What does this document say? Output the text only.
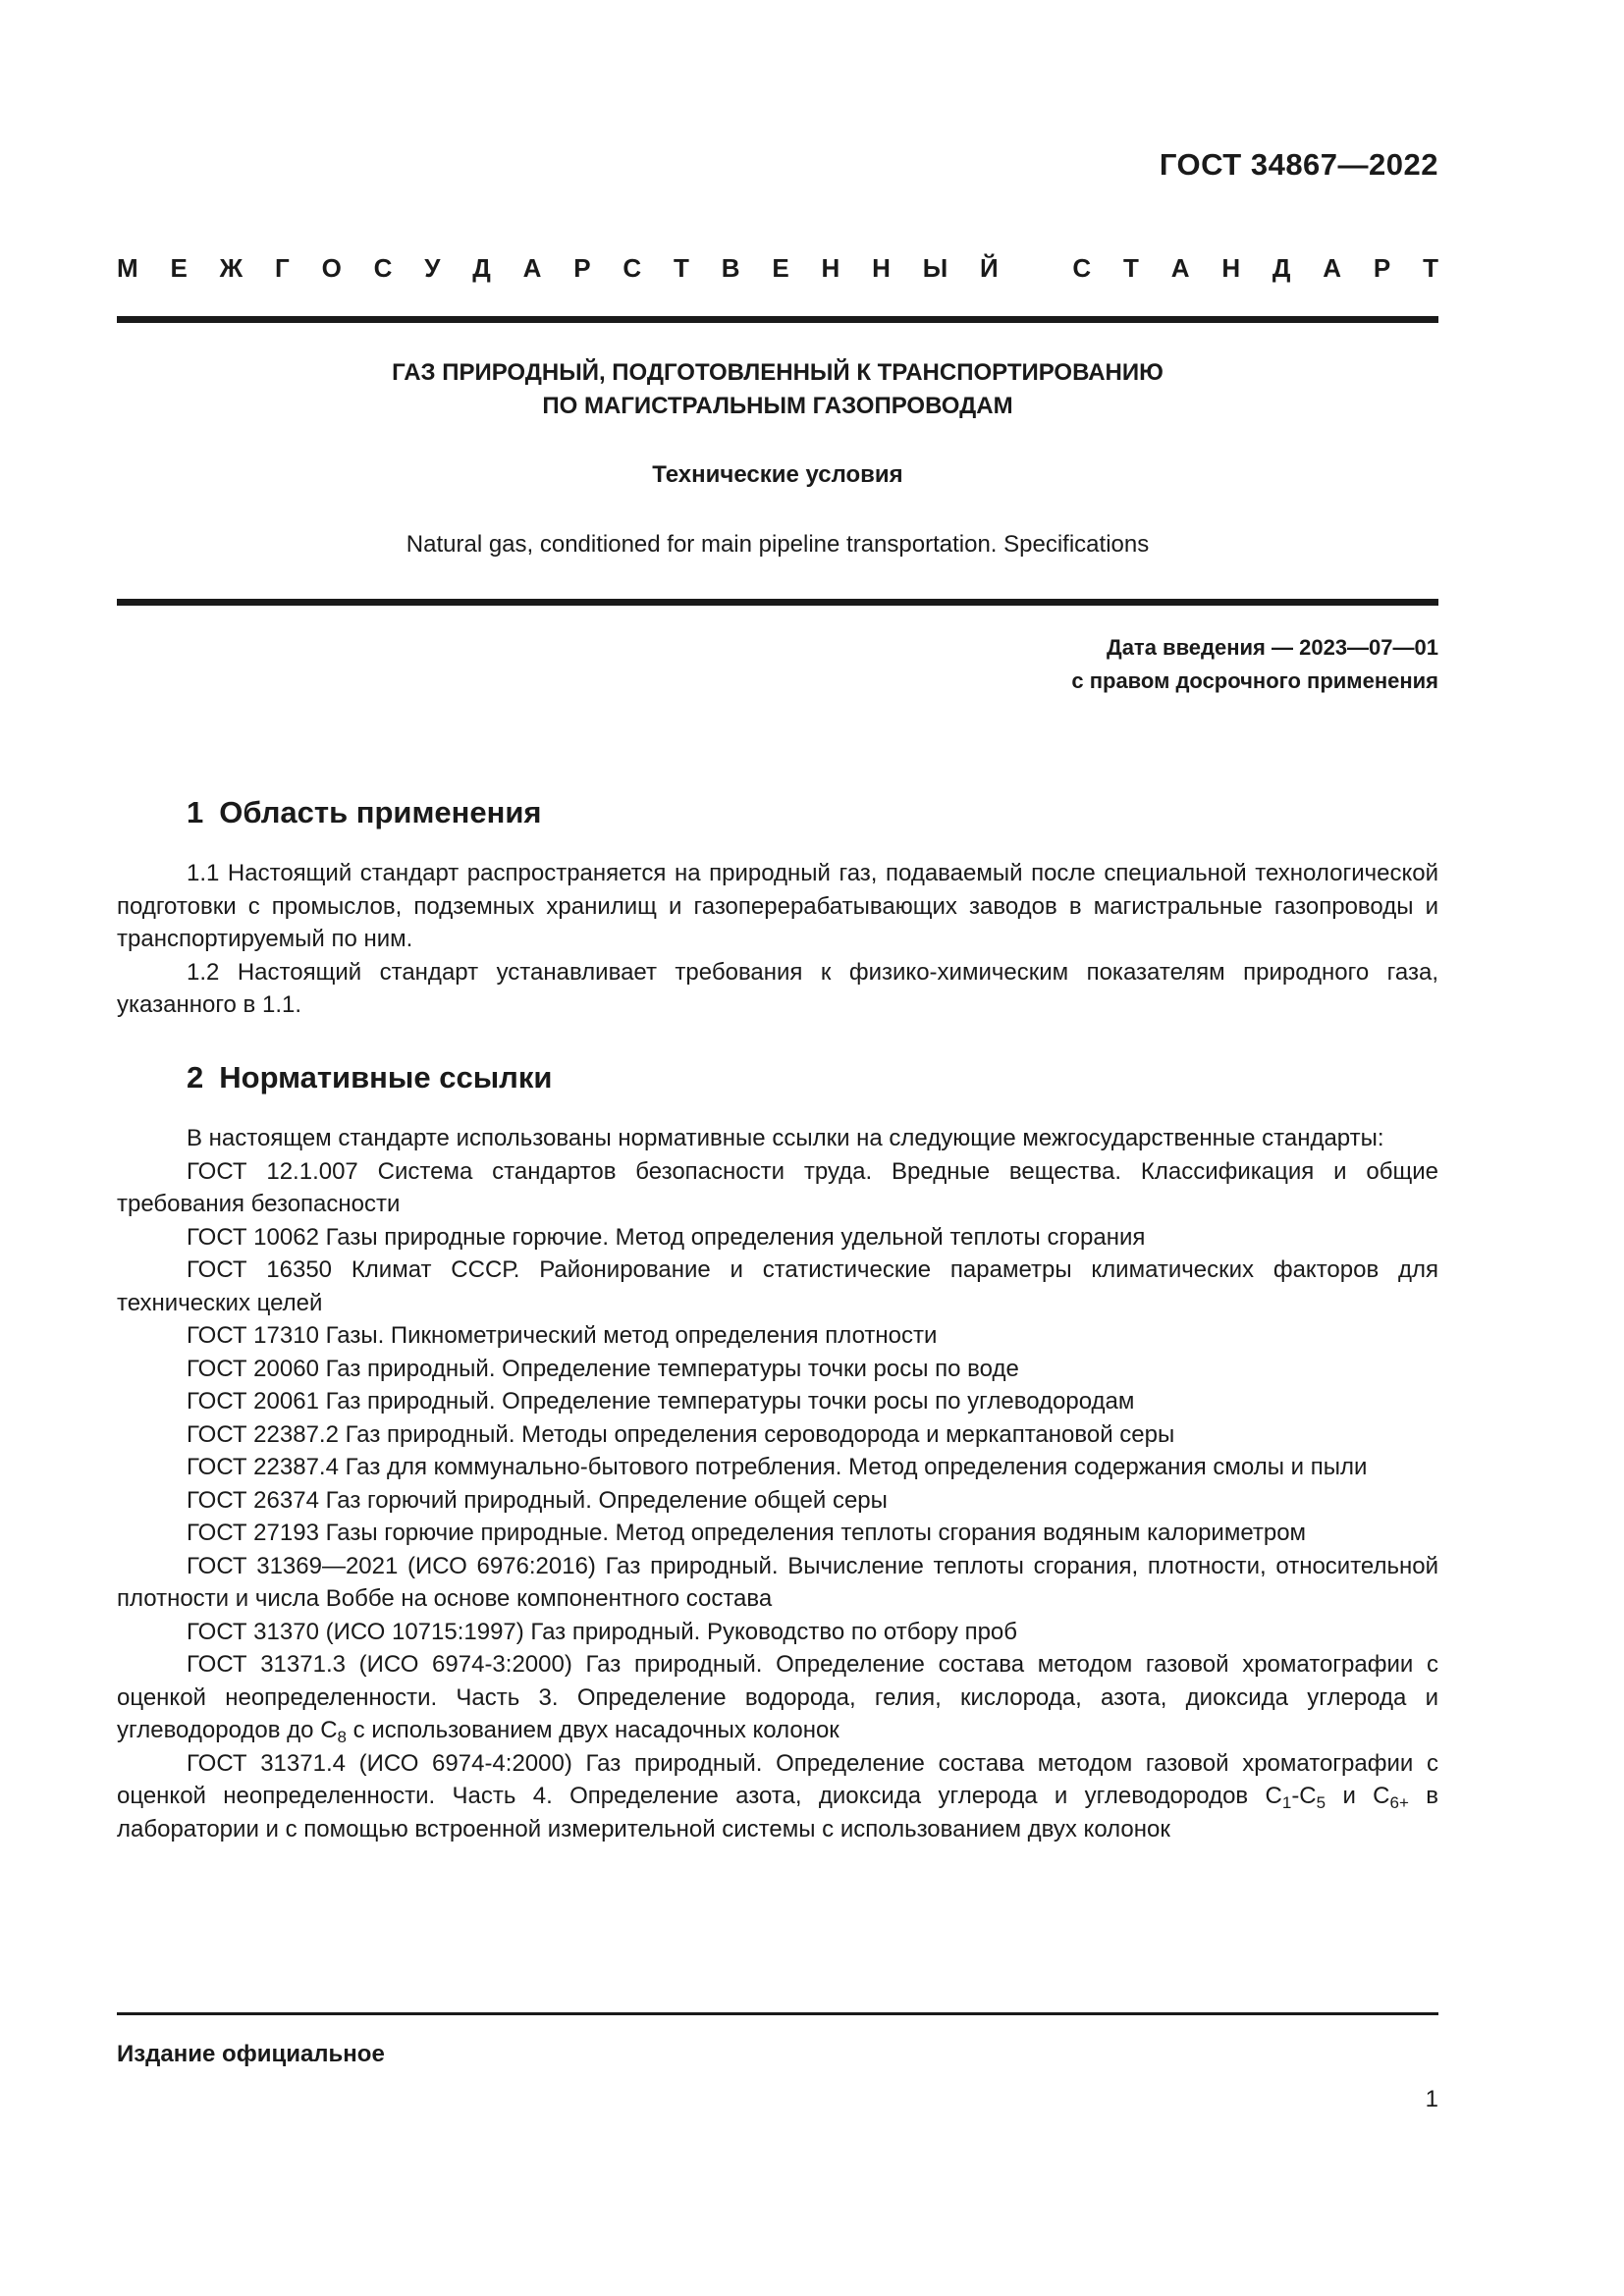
ГОСТ 34867—2022
М Е Ж Г О С У Д А Р С Т В Е Н Н Ы Й	С Т А Н Д А Р Т
ГАЗ ПРИРОДНЫЙ, ПОДГОТОВЛЕННЫЙ К ТРАНСПОРТИРОВАНИЮ
ПО МАГИСТРАЛЬНЫМ ГАЗОПРОВОДАМ
Технические условия
Natural gas, conditioned for main pipeline transportation. Specifications
Дата введения — 2023—07—01
с правом досрочного применения
1 Область применения

1.1 Настоящий стандарт распространяется на природный газ, подаваемый после специальной технологической подготовки с промыслов, подземных хранилищ и газоперерабатывающих заводов в магистральные газопроводы и транспортируемый по ним.

1.2 Настоящий стандарт устанавливает требования к физико-химическим показателям природного газа, указанного в 1.1.

2 Нормативные ссылки

В настоящем стандарте использованы нормативные ссылки на следующие межгосударственные стандарты:

ГОСТ 12.1.007 Система стандартов безопасности труда. Вредные вещества. Классификация и общие требования безопасности

ГОСТ 10062 Газы природные горючие. Метод определения удельной теплоты сгорания

ГОСТ 16350 Климат СССР. Районирование и статистические параметры климатических факторов для технических целей

ГОСТ 17310 Газы. Пикнометрический метод определения плотности

ГОСТ 20060 Газ природный. Определение температуры точки росы по воде

ГОСТ 20061 Газ природный. Определение температуры точки росы по углеводородам

ГОСТ 22387.2 Газ природный. Методы определения сероводорода и меркаптановой серы

ГОСТ 22387.4 Газ для коммунально-бытового потребления. Метод определения содержания смолы и пыли

ГОСТ 26374 Газ горючий природный. Определение общей серы

ГОСТ 27193 Газы горючие природные. Метод определения теплоты сгорания водяным калориметром

ГОСТ 31369—2021 (ИСО 6976:2016) Газ природный. Вычисление теплоты сгорания, плотности, относительной плотности и числа Воббе на основе компонентного состава

ГОСТ 31370 (ИСО 10715:1997) Газ природный. Руководство по отбору проб

ГОСТ 31371.3 (ИСО 6974-3:2000) Газ природный. Определение состава методом газовой хроматографии с оценкой неопределенности. Часть 3. Определение водорода, гелия, кислорода, азота, диоксида углерода и углеводородов до $C_8$ с использованием двух насадочных колонок

ГОСТ 31371.4 (ИСО 6974-4:2000) Газ природный. Определение состава методом газовой хроматографии с оценкой неопределенности. Часть 4. Определение азота, диоксида углерода и углеводородов $C_1-C_5$ и $C_{6+}$ в лаборатории и с помощью встроенной измерительной системы с использованием двух колонок

Издание официальное
1
